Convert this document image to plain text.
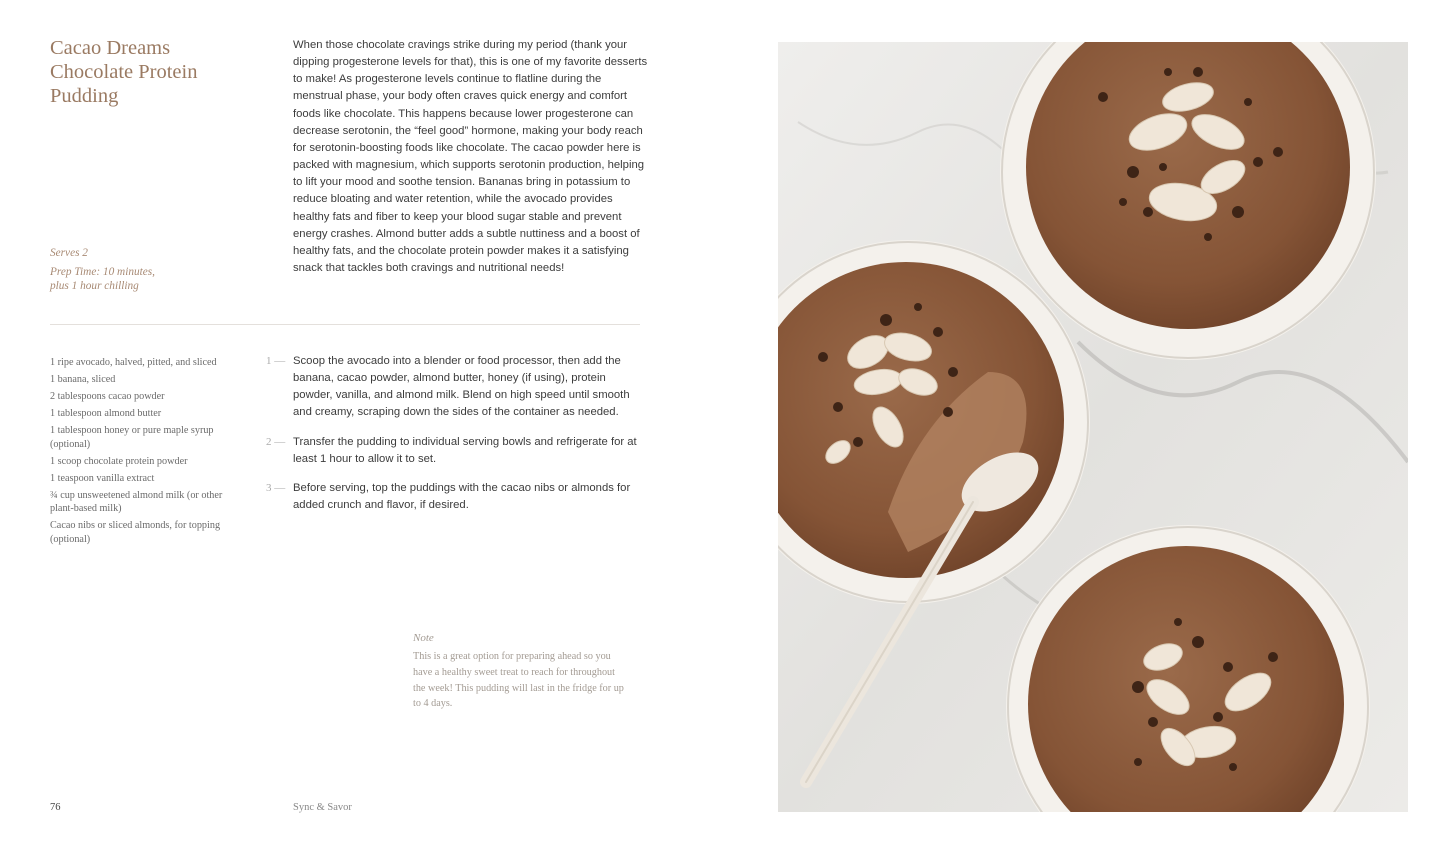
Cacao Dreams
Chocolate Protein
Pudding

When those chocolate cravings strike during my period (thank your dipping progesterone levels for that), this is one of my favorite desserts to make! As progesterone levels continue to flatline during the menstrual phase, your body often craves quick energy and comfort foods like chocolate. This happens because lower progesterone can decrease serotonin, the “feel good” hormone, making your body reach for serotonin-boosting foods like chocolate. The cacao powder here is packed with magnesium, which supports serotonin production, helping to lift your mood and soothe tension. Bananas bring in potassium to reduce bloating and water retention, while the avocado provides healthy fats and fiber to keep your blood sugar stable and prevent energy crashes. Almond butter adds a subtle nuttiness and a boost of healthy fats, and the chocolate protein powder makes it a satisfying snack that tackles both cravings and nutritional needs!

Serves 2
Prep Time: 10 minutes,
plus 1 hour chilling
1 ripe avocado, halved, pitted, and sliced
1 banana, sliced
2 tablespoons cacao powder
1 tablespoon almond butter
1 tablespoon honey or pure maple syrup (optional)
1 scoop chocolate protein powder
1 teaspoon vanilla extract
¾ cup unsweetened almond milk (or other plant-based milk)
Cacao nibs or sliced almonds, for topping (optional)
1 — Scoop the avocado into a blender or food processor, then add the banana, cacao powder, almond butter, honey (if using), protein powder, vanilla, and almond milk. Blend on high speed until smooth and creamy, scraping down the sides of the container as needed.
2 — Transfer the pudding to individual serving bowls and refrigerate for at least 1 hour to allow it to set.
3 — Before serving, top the puddings with the cacao nibs or almonds for added crunch and flavor, if desired.
Note
This is a great option for preparing ahead so you have a healthy sweet treat to reach for throughout the week! This pudding will last in the fridge for up to 4 days.
76	Sync & Savor
